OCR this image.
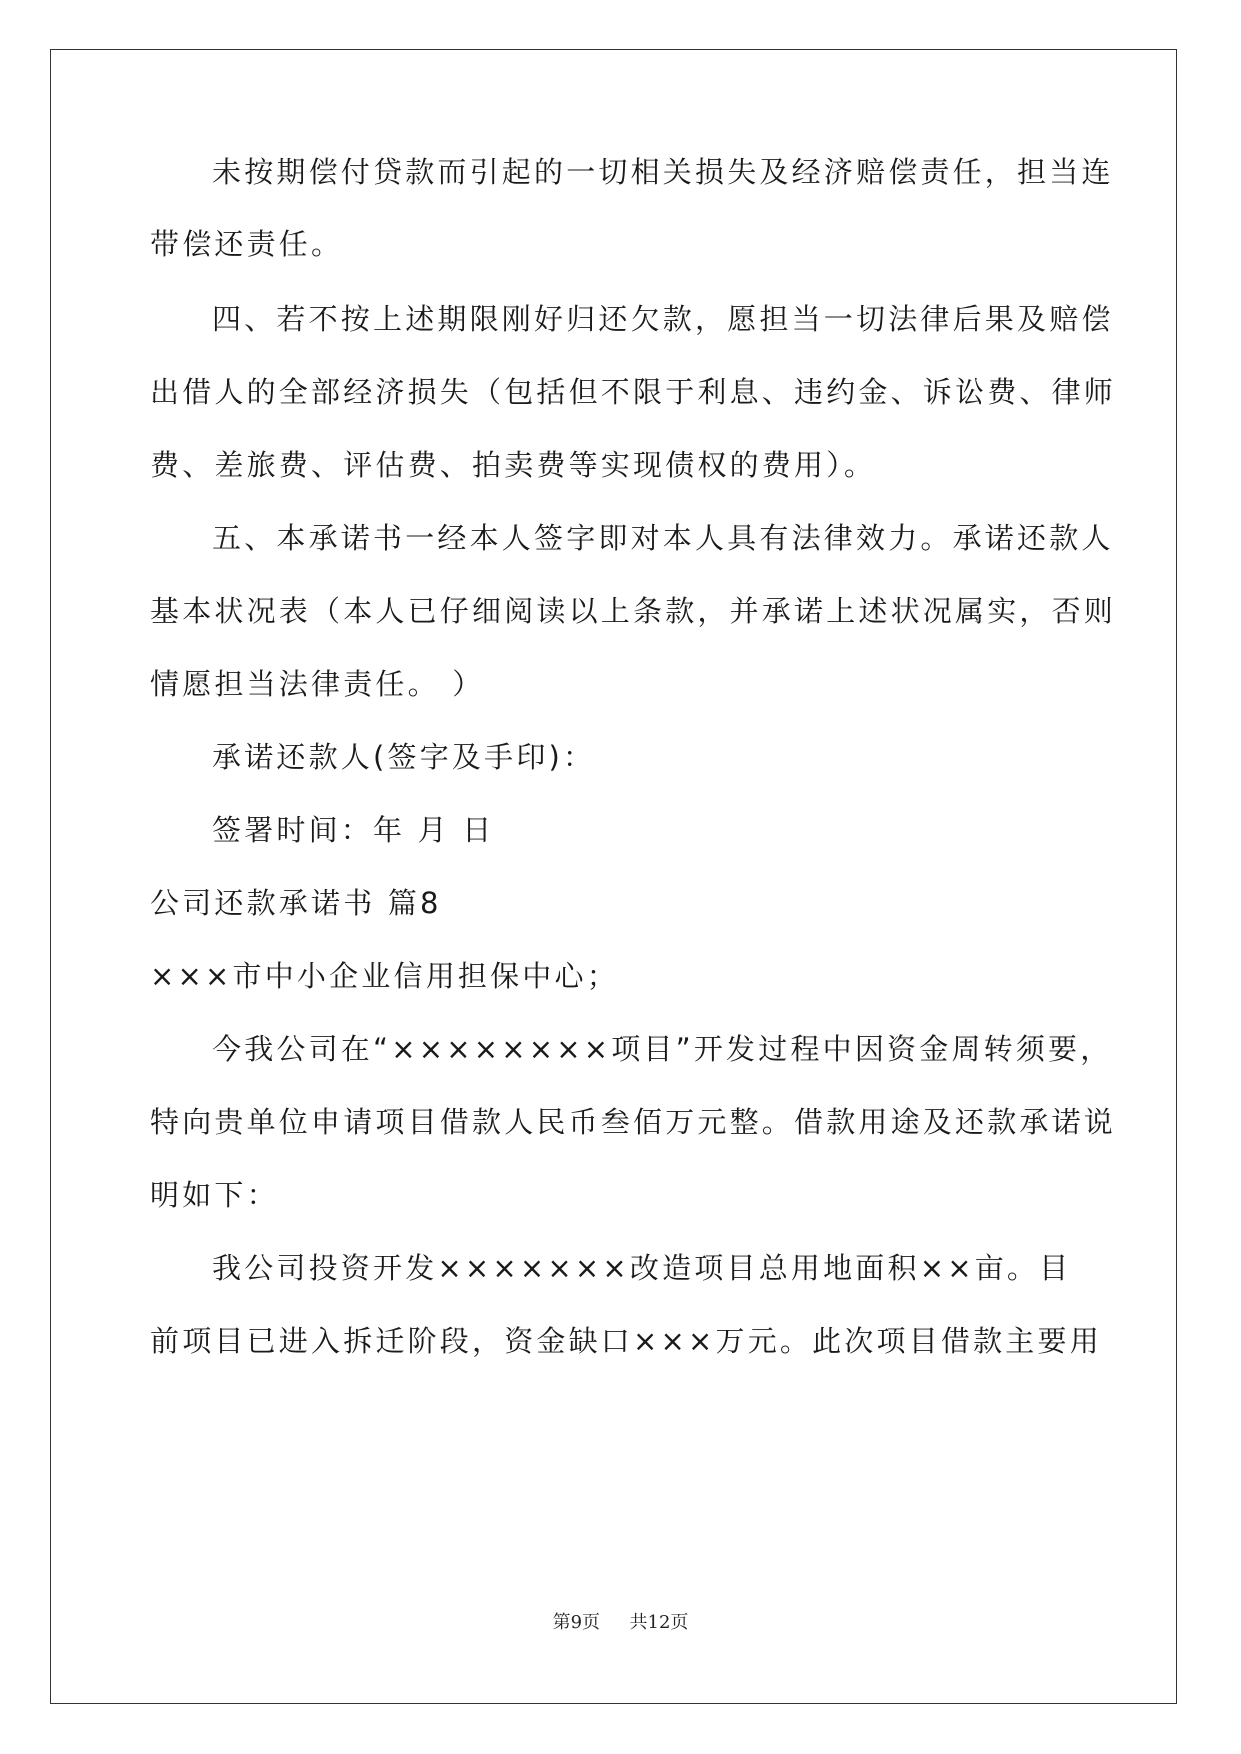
未按期偿付贷款而引起的一切相关损失及经济赔偿责任，担当连
带偿还责任。
四、若不按上述期限刚好归还欠款，愿担当一切法律后果及赔偿
出借人的全部经济损失（包括但不限于利息、违约金、诉讼费、律师
费、差旅费、评估费、拍卖费等实现债权的费用）。
五、本承诺书一经本人签字即对本人具有法律效力。承诺还款人
基本状况表（本人已仔细阅读以上条款，并承诺上述状况属实，否则
情愿担当法律责任。 ）
承诺还款人(签字及手印)：
签署时间：年 月 日
公司还款承诺书 篇8
×××市中小企业信用担保中心；
今我公司在“××××××××项目”开发过程中因资金周转须要，
特向贵单位申请项目借款人民币叁佰万元整。借款用途及还款承诺说
明如下：
我公司投资开发×××××××改造项目总用地面积××亩。目
前项目已进入拆迁阶段，资金缺口×××万元。此次项目借款主要用
第9页 共12页
